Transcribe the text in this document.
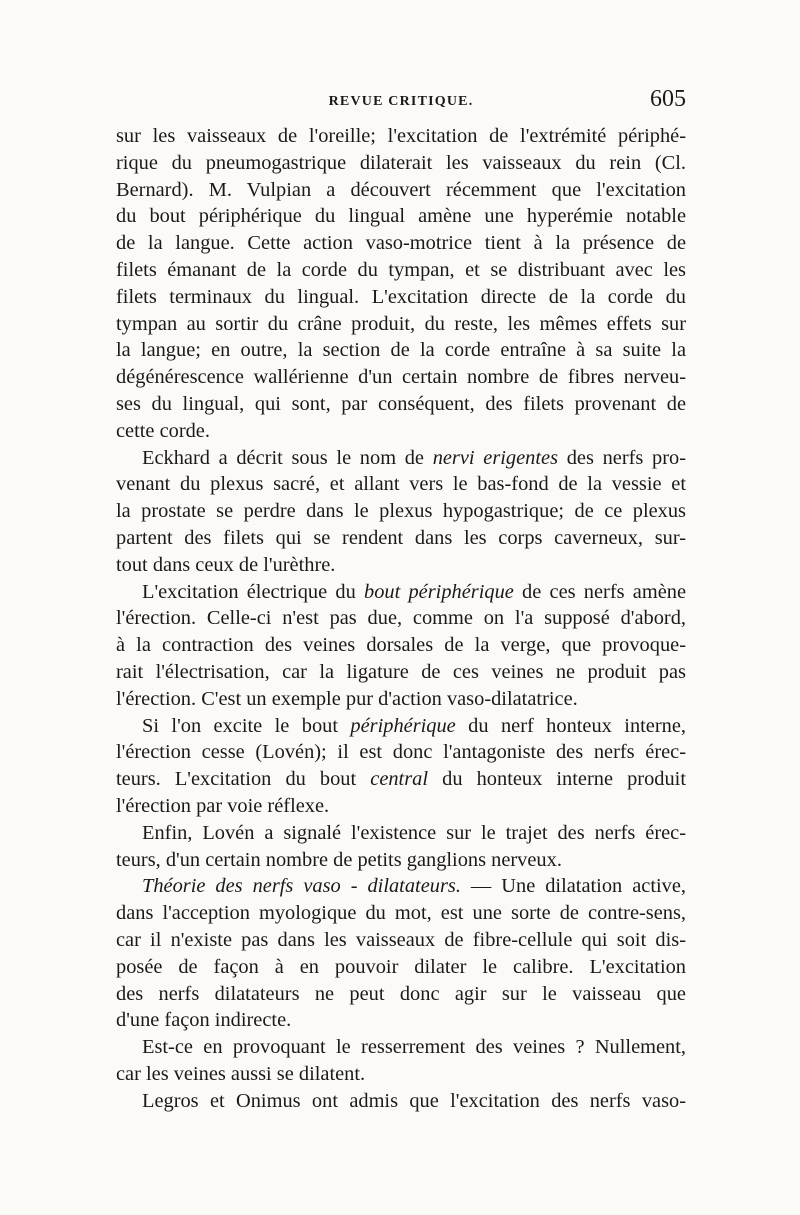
REVUE CRITIQUE.	605
sur les vaisseaux de l'oreille; l'excitation de l'extrémité périphé-
rique du pneumogastrique dilaterait les vaisseaux du rein (Cl.
Bernard). M. Vulpian a découvert récemment que l'excitation
du bout périphérique du lingual amène une hyperémie notable
de la langue. Cette action vaso-motrice tient à la présence de
filets émanant de la corde du tympan, et se distribuant avec les
filets terminaux du lingual. L'excitation directe de la corde du
tympan au sortir du crâne produit, du reste, les mêmes effets sur
la langue; en outre, la section de la corde entraîne à sa suite la
dégénérescence wallérienne d'un certain nombre de fibres nerveu-
ses du lingual, qui sont, par conséquent, des filets provenant de
cette corde.
Eckhard a décrit sous le nom de nervi erigentes des nerfs pro-
venant du plexus sacré, et allant vers le bas-fond de la vessie et
la prostate se perdre dans le plexus hypogastrique; de ce plexus
partent des filets qui se rendent dans les corps caverneux, sur-
tout dans ceux de l'urèthre.
L'excitation électrique du bout périphérique de ces nerfs amène
l'érection. Celle-ci n'est pas due, comme on l'a supposé d'abord,
à la contraction des veines dorsales de la verge, que provoque-
rait l'électrisation, car la ligature de ces veines ne produit pas
l'érection. C'est un exemple pur d'action vaso-dilatatrice.
Si l'on excite le bout périphérique du nerf honteux interne,
l'érection cesse (Lovén); il est donc l'antagoniste des nerfs érec-
teurs. L'excitation du bout central du honteux interne produit
l'érection par voie réflexe.
Enfin, Lovén a signalé l'existence sur le trajet des nerfs érec-
teurs, d'un certain nombre de petits ganglions nerveux.
Théorie des nerfs vaso - dilatateurs. — Une dilatation active,
dans l'acception myologique du mot, est une sorte de contre-sens,
car il n'existe pas dans les vaisseaux de fibre-cellule qui soit dis-
posée de façon à en pouvoir dilater le calibre. L'excitation
des nerfs dilatateurs ne peut donc agir sur le vaisseau que
d'une façon indirecte.
Est-ce en provoquant le resserrement des veines ? Nullement,
car les veines aussi se dilatent.
Legros et Onimus ont admis que l'excitation des nerfs vaso-
